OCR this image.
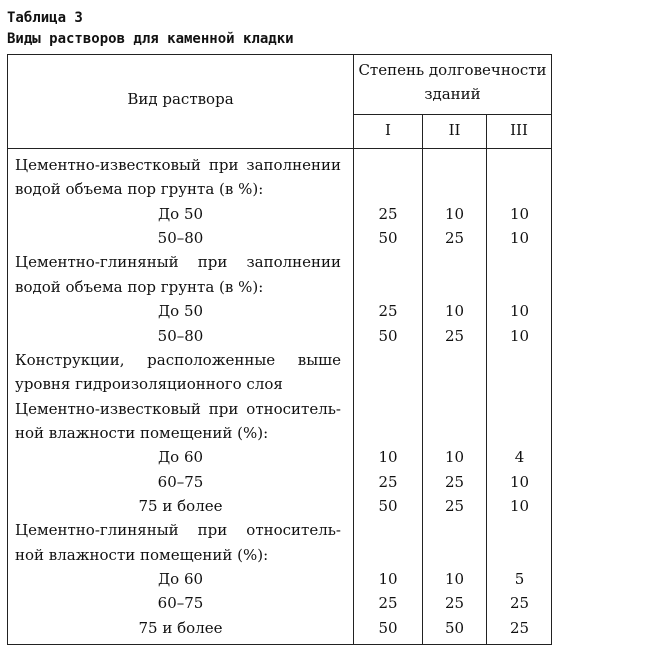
Таблица 3
Виды растворов для каменной кладки
Вид раствора
Степень долговечности
зданий
I	II	III
Цементно-известковый при заполнении
водой объема пор грунта (в %):
До 50	25	10	10
50–80	50	25	10
Цементно-глиняный при заполнении
водой объема пор грунта (в %):
До 50	25	10	10
50–80	50	25	10
Конструкции, расположенные выше
уровня гидроизоляционного слоя
Цементно-известковый при относитель-
ной влажности помещений (%):
До 60	10	10	4
60–75	25	25	10
75 и более	50	25	10
Цементно-глиняный при относитель-
ной влажности помещений (%):
До 60	10	10	5
60–75	25	25	25
75 и более	50	50	25
